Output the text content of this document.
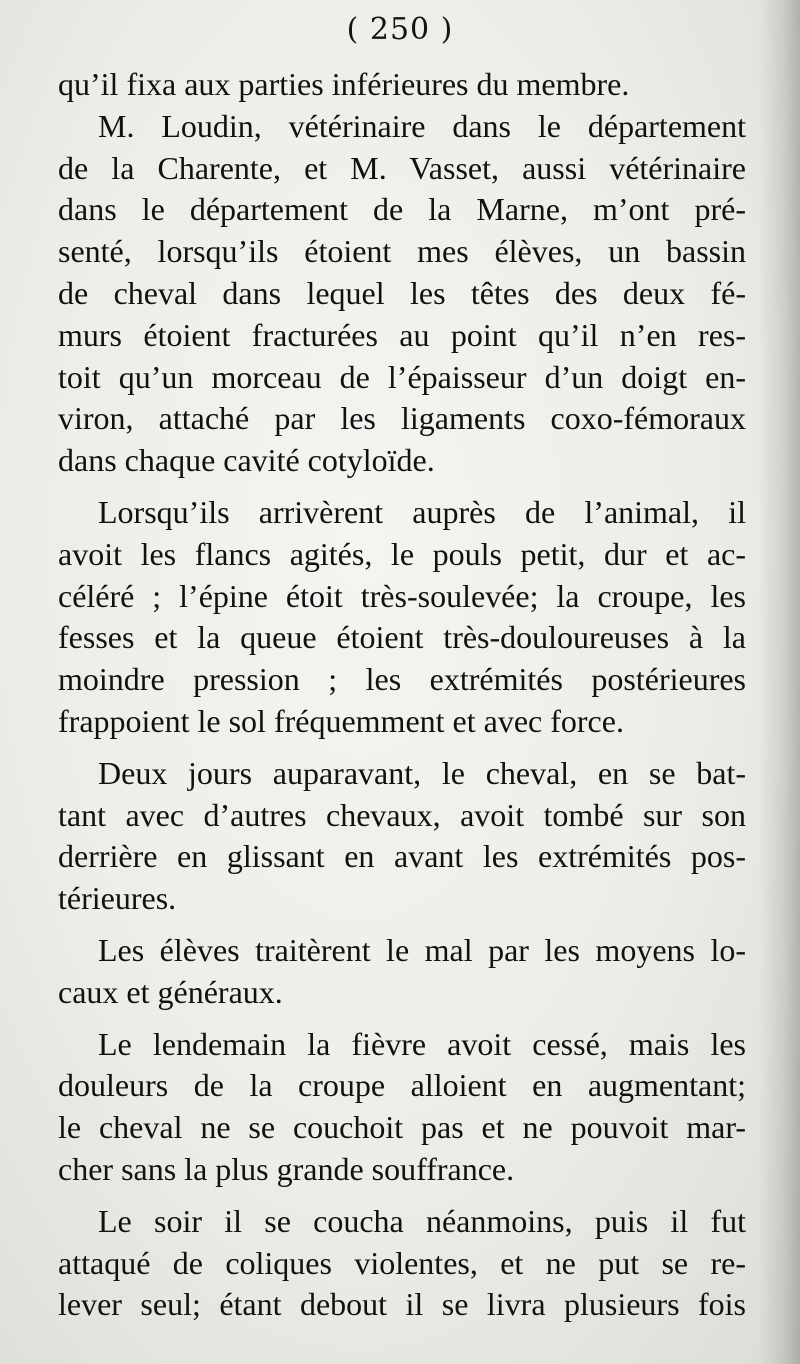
( 250 )
qu’il fixa aux parties inférieures du membre.
M. Loudin, vétérinaire dans le département
de la Charente, et M. Vasset, aussi vétérinaire
dans le département de la Marne, m’ont pré-
senté, lorsqu’ils étoient mes élèves, un bassin
de cheval dans lequel les têtes des deux fé-
murs étoient fracturées au point qu’il n’en res-
toit qu’un morceau de l’épaisseur d’un doigt en-
viron, attaché par les ligaments coxo-fémoraux
dans chaque cavité cotyloïde.
Lorsqu’ils arrivèrent auprès de l’animal, il
avoit les flancs agités, le pouls petit, dur et ac-
céléré ; l’épine étoit très-soulevée; la croupe, les
fesses et la queue étoient très-douloureuses à la
moindre pression ; les extrémités postérieures
frappoient le sol fréquemment et avec force.
Deux jours auparavant, le cheval, en se bat-
tant avec d’autres chevaux, avoit tombé sur son
derrière en glissant en avant les extrémités pos-
térieures.
Les élèves traitèrent le mal par les moyens lo-
caux et généraux.
Le lendemain la fièvre avoit cessé, mais les
douleurs de la croupe alloient en augmentant;
le cheval ne se couchoit pas et ne pouvoit mar-
cher sans la plus grande souffrance.
Le soir il se coucha néanmoins, puis il fut
attaqué de coliques violentes, et ne put se re-
lever seul; étant debout il se livra plusieurs fois
